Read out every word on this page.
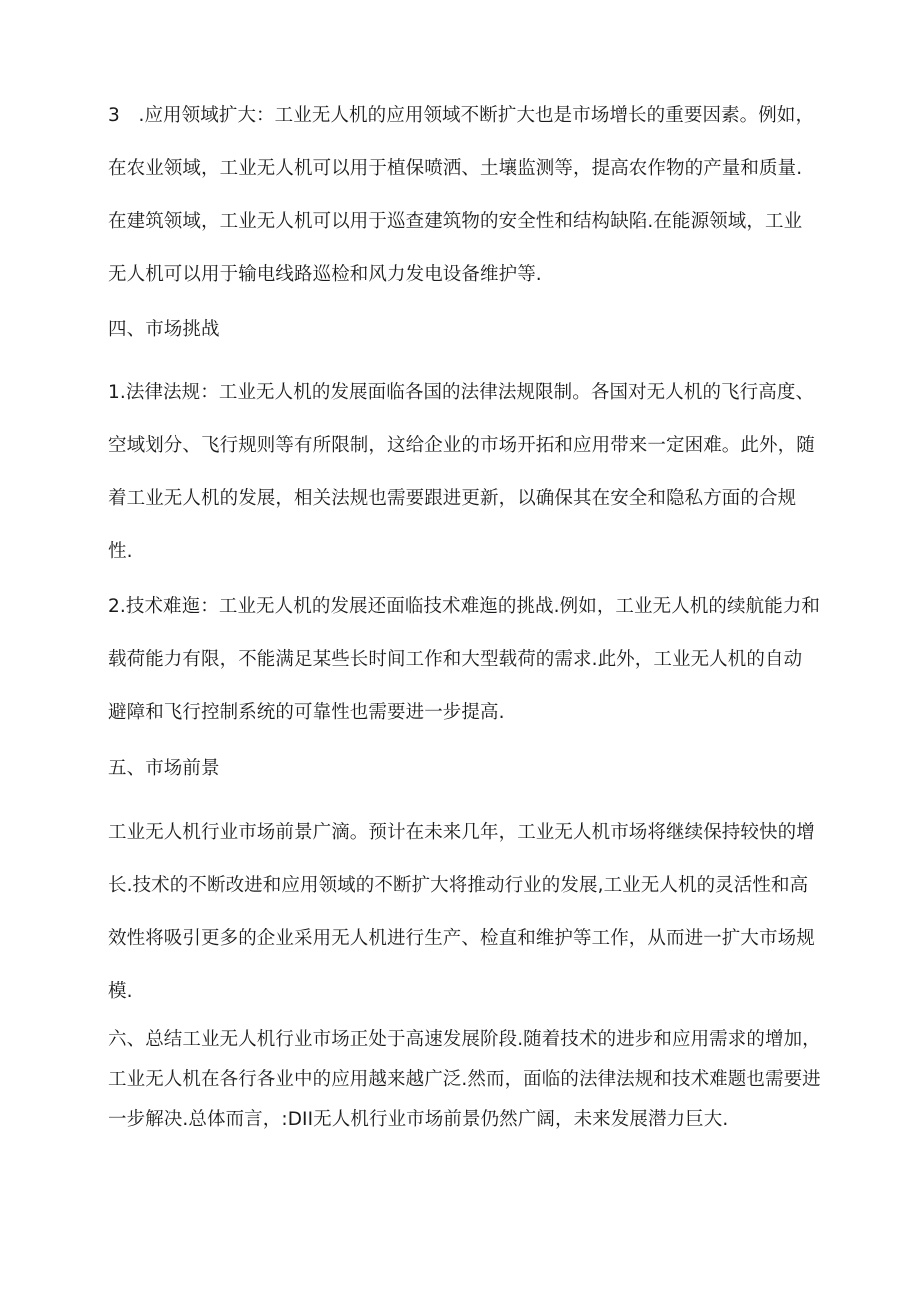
3　.应用领域扩大：工业无人机的应用领域不断扩大也是市场增长的重要因素。例如，
在农业领域，工业无人机可以用于植保喷洒、土壤监测等，提高农作物的产量和质量.
在建筑领域，工业无人机可以用于巡查建筑物的安全性和结构缺陷.在能源领域，工业
无人机可以用于输电线路巡检和风力发电设备维护等.

四、市场挑战

1.法律法规：工业无人机的发展面临各国的法律法规限制。各国对无人机的飞行高度、
空域划分、飞行规则等有所限制，这给企业的市场开拓和应用带来一定困难。此外，随
着工业无人机的发展，相关法规也需要跟进更新，以确保其在安全和隐私方面的合规
性.

2.技术难迤：工业无人机的发展还面临技术难迤的挑战.例如，工业无人机的续航能力和
载荷能力有限，不能满足某些长时间工作和大型载荷的需求.此外，工业无人机的自动
避障和飞行控制系统的可靠性也需要进一步提高.

五、市场前景

工业无人机行业市场前景广滴。预计在未来几年，工业无人机市场将继续保持较快的增
长.技术的不断改进和应用领域的不断扩大将推动行业的发展,工业无人机的灵活性和高
效性将吸引更多的企业采用无人机进行生产、检直和维护等工作，从而进一扩大市场规
模.

六、总结工业无人机行业市场正处于高速发展阶段.随着技术的进步和应用需求的增加，
工业无人机在各行各业中的应用越来越广泛.然而，面临的法律法规和技术难题也需要进
一步解决.总体而言，:DII无人机行业市场前景仍然广阔，未来发展潜力巨大.
